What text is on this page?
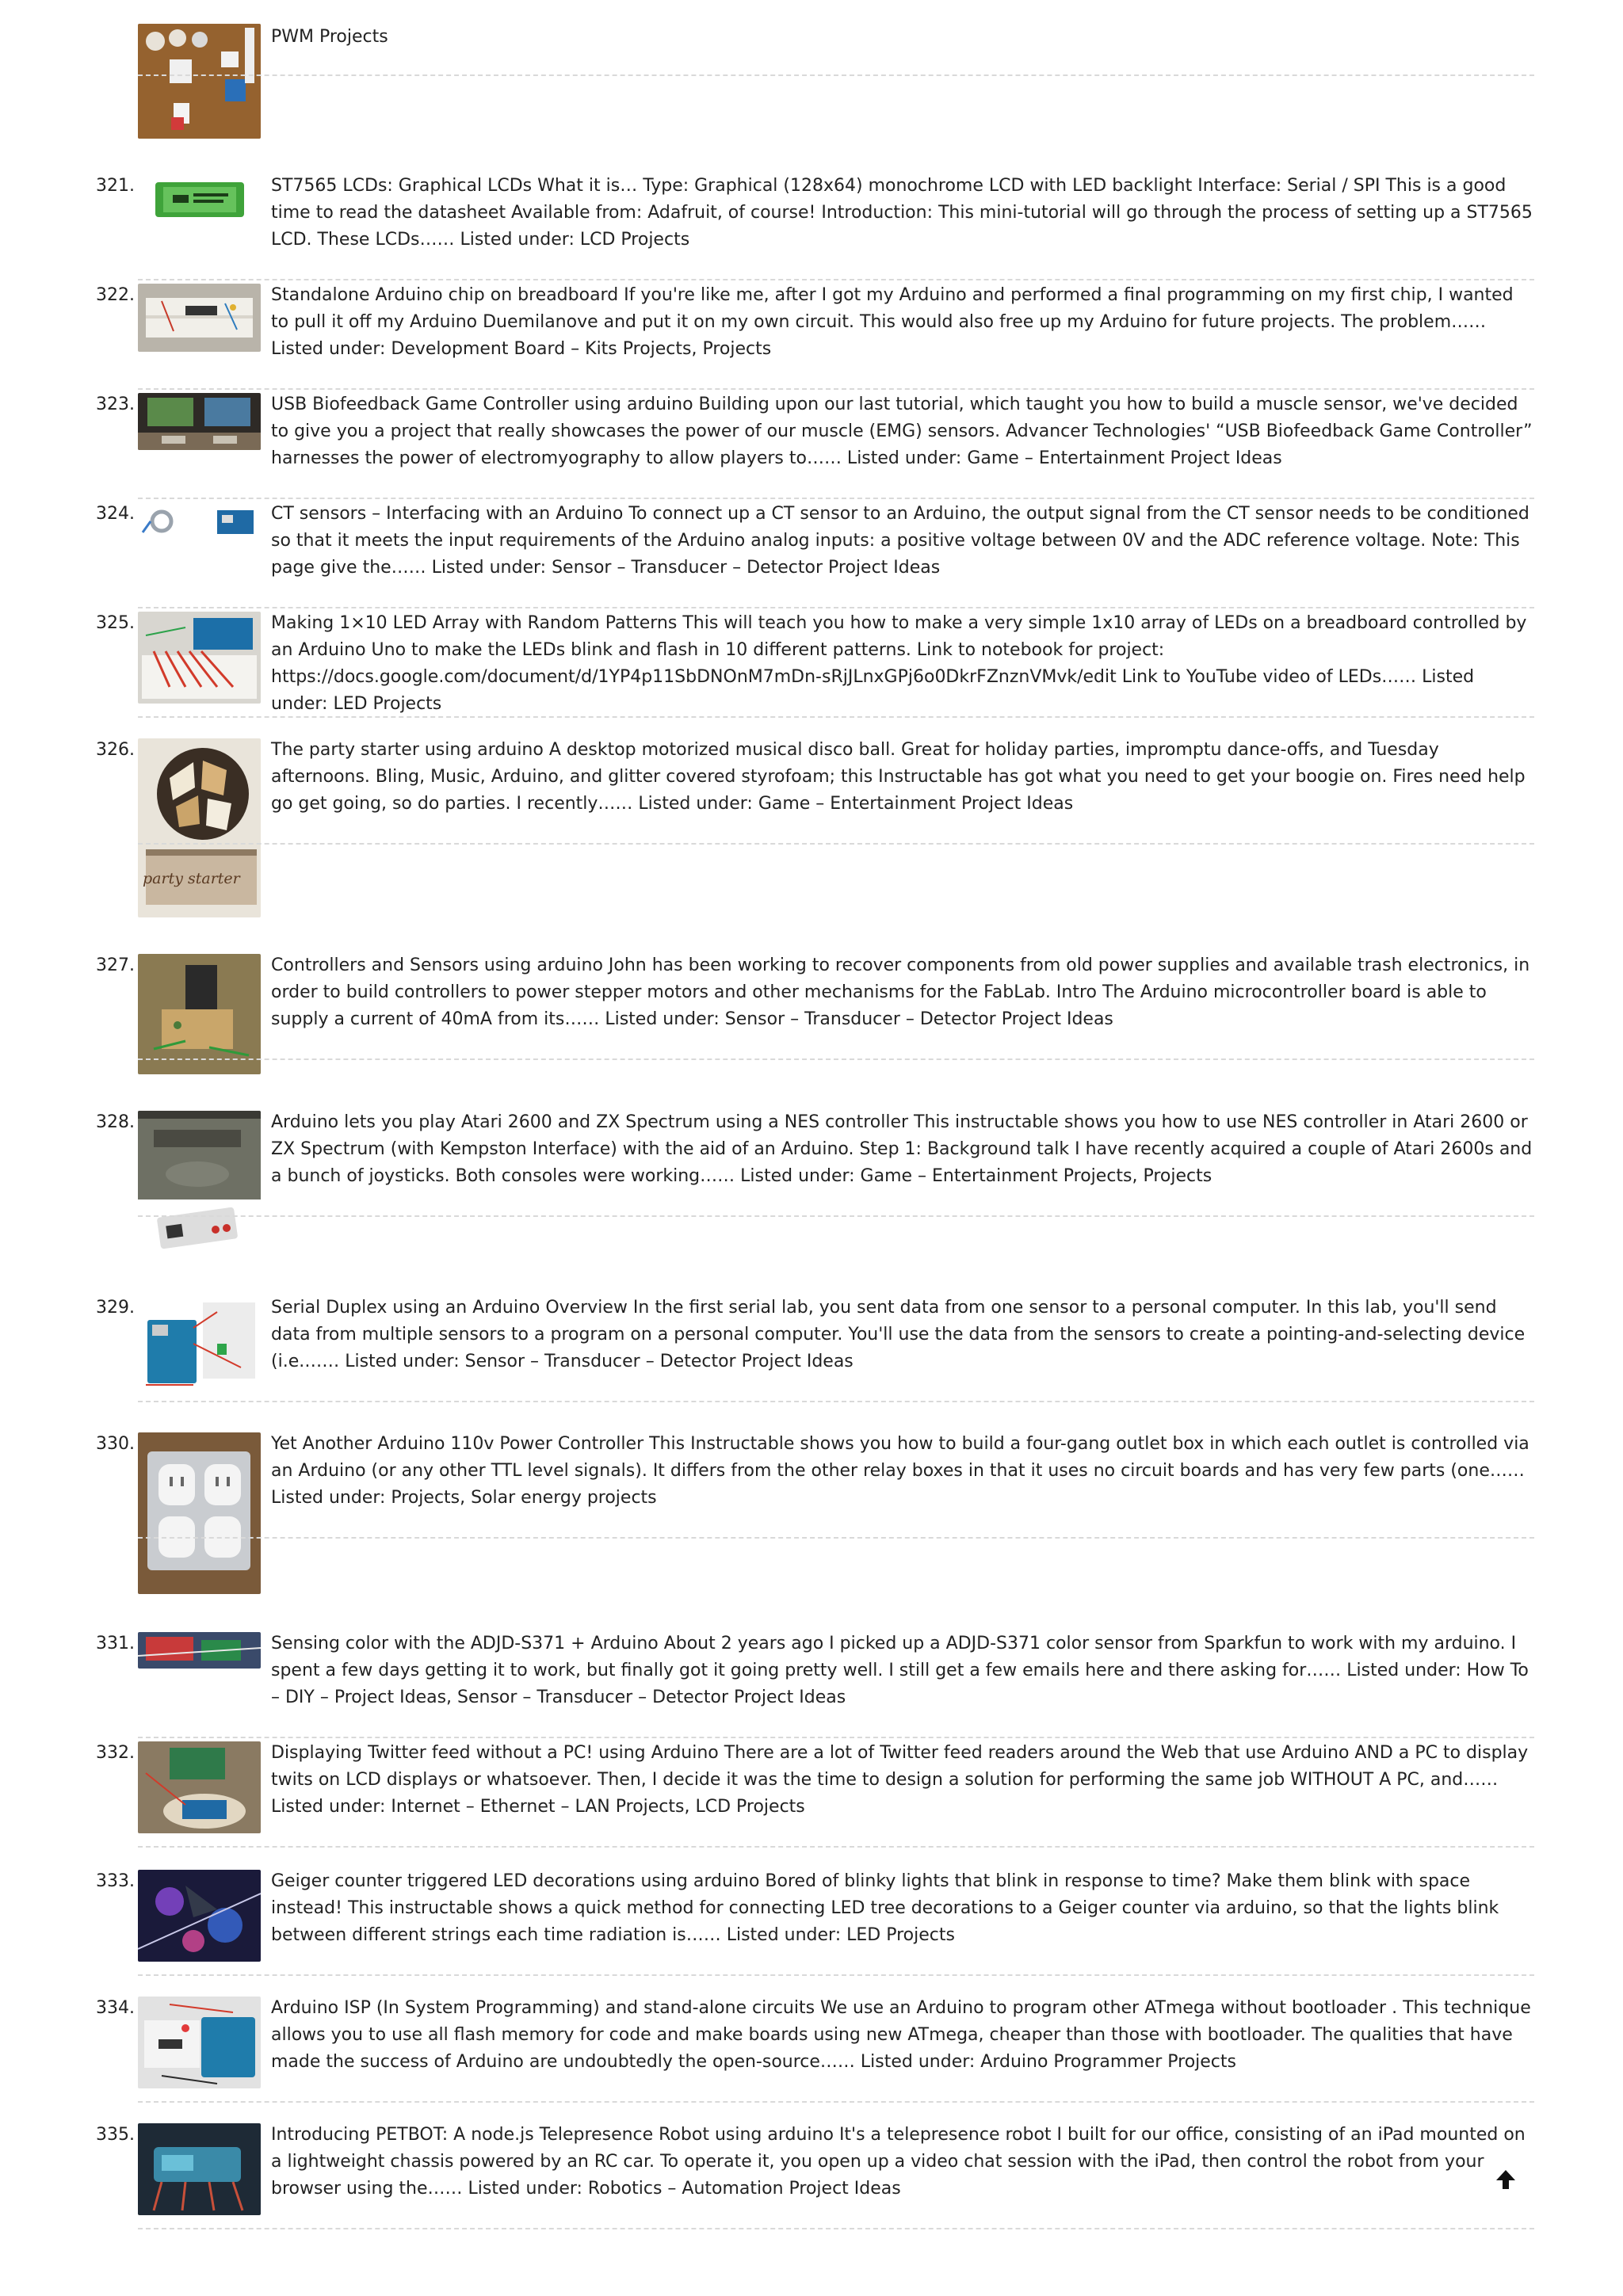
PWM Projects
321.	ST7565 LCDs: Graphical LCDs What it is… Type: Graphical (128x64) monochrome LCD with LED backlight Interface: Serial / SPI This is a good time to read the datasheet Available from: Adafruit, of course! Introduction: This mini-tutorial will go through the process of setting up a ST7565 LCD. These LCDs…… Listed under: LCD Projects
322.	Standalone Arduino chip on breadboard If you're like me, after I got my Arduino and performed a final programming on my first chip, I wanted to pull it off my Arduino Duemilanove and put it on my own circuit. This would also free up my Arduino for future projects. The problem…… Listed under: Development Board – Kits Projects, Projects
323.	USB Biofeedback Game Controller using arduino Building upon our last tutorial, which taught you how to build a muscle sensor, we've decided to give you a project that really showcases the power of our muscle (EMG) sensors. Advancer Technologies' “USB Biofeedback Game Controller” harnesses the power of electromyography to allow players to…… Listed under: Game – Entertainment Project Ideas
324.	CT sensors – Interfacing with an Arduino To connect up a CT sensor to an Arduino, the output signal from the CT sensor needs to be conditioned so that it meets the input requirements of the Arduino analog inputs: a positive voltage between 0V and the ADC reference voltage. Note: This page give the…… Listed under: Sensor – Transducer – Detector Project Ideas
325.	Making 1×10 LED Array with Random Patterns This will teach you how to make a very simple 1x10 array of LEDs on a breadboard controlled by an Arduino Uno to make the LEDs blink and flash in 10 different patterns. Link to notebook for project: https://docs.google.com/document/d/1YP4p11SbDNOnM7mDn-sRjJLnxGPj6o0DkrFZnznVMvk/edit Link to YouTube video of LEDs…… Listed under: LED Projects
326.	The party starter using arduino A desktop motorized musical disco ball. Great for holiday parties, impromptu dance-offs, and Tuesday afternoons. Bling, Music, Arduino, and glitter covered styrofoam; this Instructable has got what you need to get your boogie on. Fires need help go get going, so do parties. I recently…… Listed under: Game – Entertainment Project Ideas
party starter
327.	Controllers and Sensors using arduino John has been working to recover components from old power supplies and available trash electronics, in order to build controllers to power stepper motors and other mechanisms for the FabLab. Intro The Arduino microcontroller board is able to supply a current of 40mA from its…… Listed under: Sensor – Transducer – Detector Project Ideas
328.	Arduino lets you play Atari 2600 and ZX Spectrum using a NES controller This instructable shows you how to use NES controller in Atari 2600 or ZX Spectrum (with Kempston Interface) with the aid of an Arduino. Step 1: Background talk I have recently acquired a couple of Atari 2600s and a bunch of joysticks. Both consoles were working…… Listed under: Game – Entertainment Projects, Projects
329.	Serial Duplex using an Arduino Overview In the first serial lab, you sent data from one sensor to a personal computer. In this lab, you'll send data from multiple sensors to a program on a personal computer. You'll use the data from the sensors to create a pointing-and-selecting device (i.e.…… Listed under: Sensor – Transducer – Detector Project Ideas
330.	Yet Another Arduino 110v Power Controller This Instructable shows you how to build a four-gang outlet box in which each outlet is controlled via an Arduino (or any other TTL level signals). It differs from the other relay boxes in that it uses no circuit boards and has very few parts (one…… Listed under: Projects, Solar energy projects
331.	Sensing color with the ADJD-S371 + Arduino About 2 years ago I picked up a ADJD-S371 color sensor from Sparkfun to work with my arduino. I spent a few days getting it to work, but finally got it going pretty well. I still get a few emails here and there asking for…… Listed under: How To – DIY – Project Ideas, Sensor – Transducer – Detector Project Ideas
332.	Displaying Twitter feed without a PC! using Arduino There are a lot of Twitter feed readers around the Web that use Arduino AND a PC to display twits on LCD displays or whatsoever. Then, I decide it was the time to design a solution for performing the same job WITHOUT A PC, and…… Listed under: Internet – Ethernet – LAN Projects, LCD Projects
333.	Geiger counter triggered LED decorations using arduino Bored of blinky lights that blink in response to time? Make them blink with space instead! This instructable shows a quick method for connecting LED tree decorations to a Geiger counter via arduino, so that the lights blink between different strings each time radiation is…… Listed under: LED Projects
334.	Arduino ISP (In System Programming) and stand-alone circuits We use an Arduino to program other ATmega without bootloader . This technique allows you to use all flash memory for code and make boards using new ATmega, cheaper than those with bootloader. The qualities that have made the success of Arduino are undoubtedly the open-source…… Listed under: Arduino Programmer Projects
335.	Introducing PETBOT: A node.js Telepresence Robot using arduino It's a telepresence robot I built for our office, consisting of an iPad mounted on a lightweight chassis powered by an RC car. To operate it, you open up a video chat session with the iPad, then control the robot from your browser using the…… Listed under: Robotics – Automation Project Ideas
